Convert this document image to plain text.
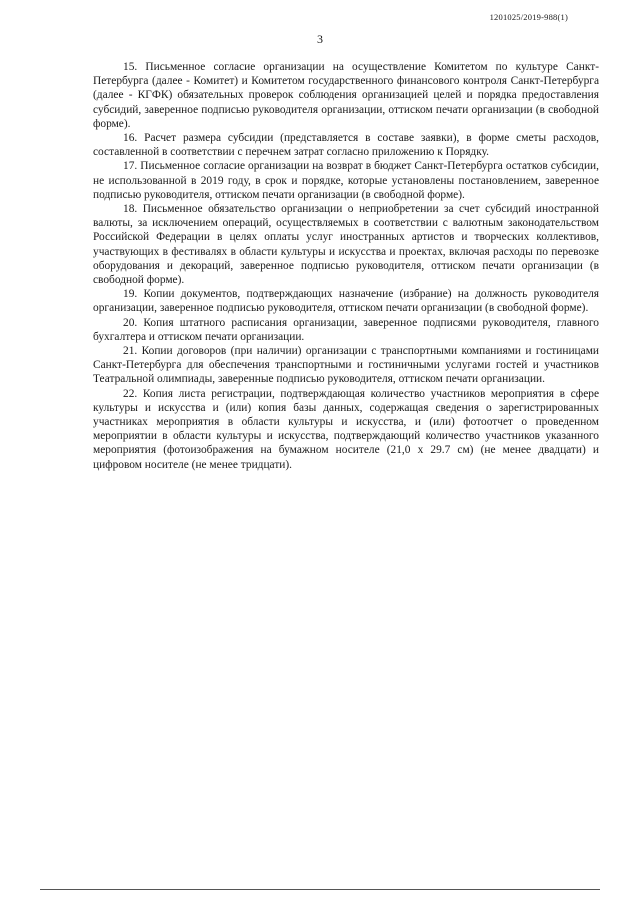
1201025/2019-988(1)
3

15. Письменное согласие организации на осуществление Комитетом по культуре Санкт-Петербурга (далее - Комитет) и Комитетом государственного финансового контроля Санкт-Петербурга (далее - КГФК) обязательных проверок соблюдения организацией целей и порядка предоставления субсидий, заверенное подписью руководителя организации, оттиском печати организации (в свободной форме).

16. Расчет размера субсидии (представляется в составе заявки), в форме сметы расходов, составленной в соответствии с перечнем затрат согласно приложению к Порядку.

17. Письменное согласие организации на возврат в бюджет Санкт-Петербурга остатков субсидии, не использованной в 2019 году, в срок и порядке, которые установлены постановлением, заверенное подписью руководителя, оттиском печати организации (в свободной форме).

18. Письменное обязательство организации о неприобретении за счет субсидий иностранной валюты, за исключением операций, осуществляемых в соответствии с валютным законодательством Российской Федерации в целях оплаты услуг иностранных артистов и творческих коллективов, участвующих в фестивалях в области культуры и искусства и проектах, включая расходы по перевозке оборудования и декораций, заверенное подписью руководителя, оттиском печати организации (в свободной форме).

19. Копии документов, подтверждающих назначение (избрание) на должность руководителя организации, заверенное подписью руководителя, оттиском печати организации (в свободной форме).

20. Копия штатного расписания организации, заверенное подписями руководителя, главного бухгалтера и оттиском печати организации.

21. Копии договоров (при наличии) организации с транспортными компаниями и гостиницами Санкт-Петербурга для обеспечения транспортными и гостиничными услугами гостей и участников Театральной олимпиады, заверенные подписью руководителя, оттиском печати организации.

22. Копия листа регистрации, подтверждающая количество участников мероприятия в сфере культуры и искусства и (или) копия базы данных, содержащая сведения о зарегистрированных участниках мероприятия в области культуры и искусства, и (или) фотоотчет о проведенном мероприятии в области культуры и искусства, подтверждающий количество участников указанного мероприятия (фотоизображения на бумажном носителе (21,0 х 29.7 см) (не менее двадцати) и цифровом носителе (не менее тридцати).
